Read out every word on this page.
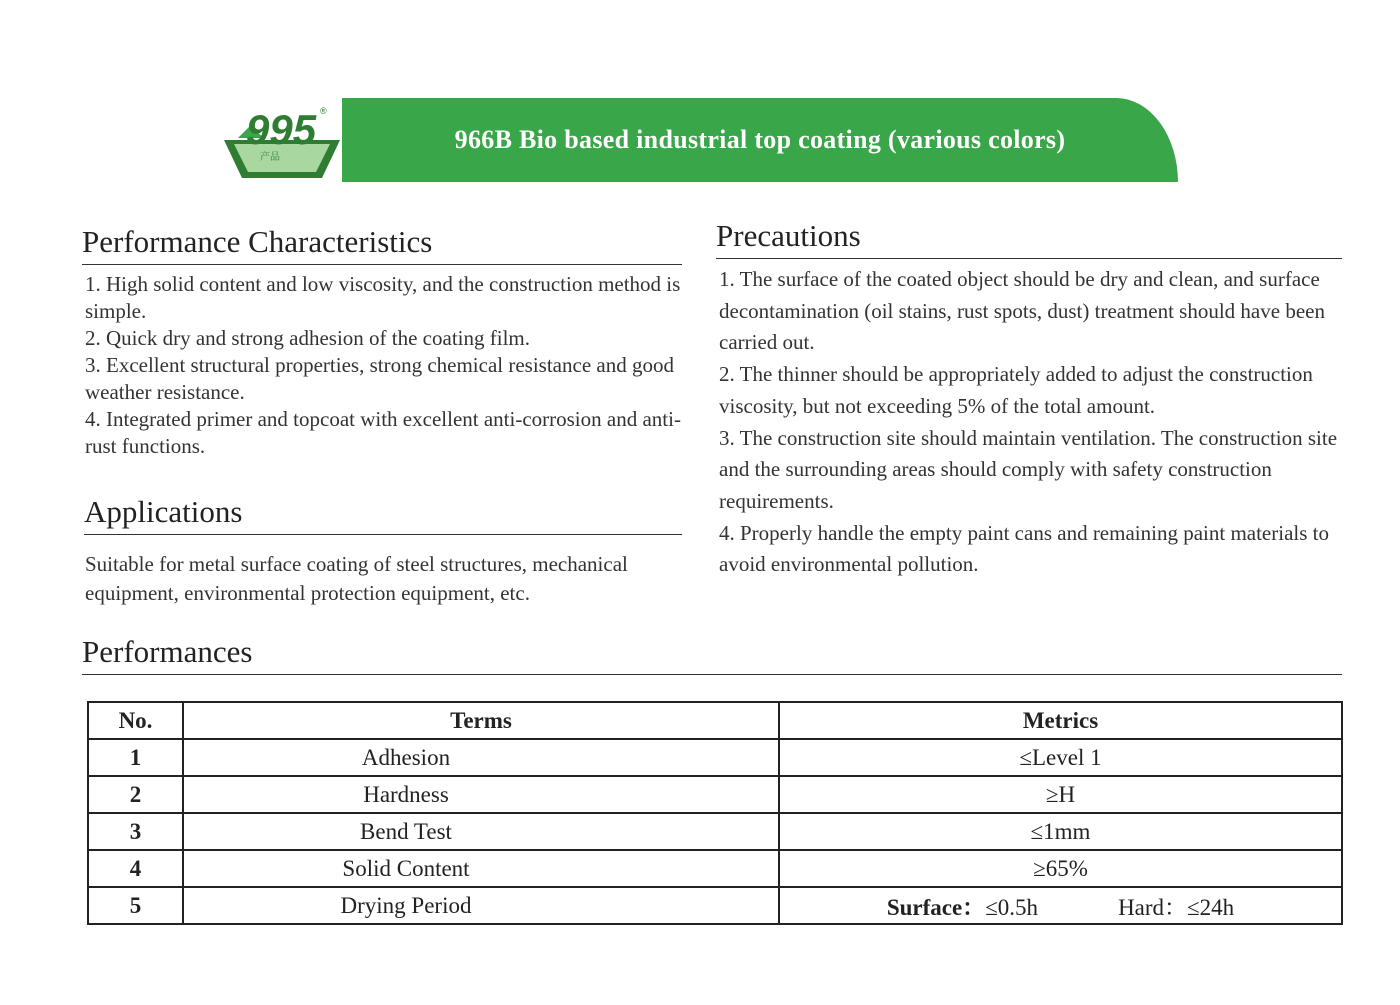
995 ®
产品
966B Bio based industrial top coating (various colors)
Performance Characteristics

1. High solid content and low viscosity, and the construction method is simple.

2. Quick dry and strong adhesion of the coating film.

3. Excellent structural properties, strong chemical resistance and good weather resistance.

4. Integrated primer and topcoat with excellent anti-corrosion and anti-rust functions.

Applications

Suitable for metal surface coating of steel structures, mechanical equipment, environmental protection equipment, etc.

Precautions

1. The surface of the coated object should be dry and clean, and surface decontamination (oil stains, rust spots, dust) treatment should have been carried out.

2. The thinner should be appropriately added to adjust the construction viscosity, but not exceeding 5% of the total amount.

3. The construction site should maintain ventilation. The construction site and the surrounding areas should comply with safety construction requirements.

4. Properly handle the empty paint cans and remaining paint materials to avoid environmental pollution.

Performances
No.	Terms	Metrics
1	Adhesion	≤Level 1
2	Hardness	≥H
3	Bend Test	≤1mm
4	Solid Content	≥65%
5	Drying Period	Surface：≤0.5h Hard：≤24h
